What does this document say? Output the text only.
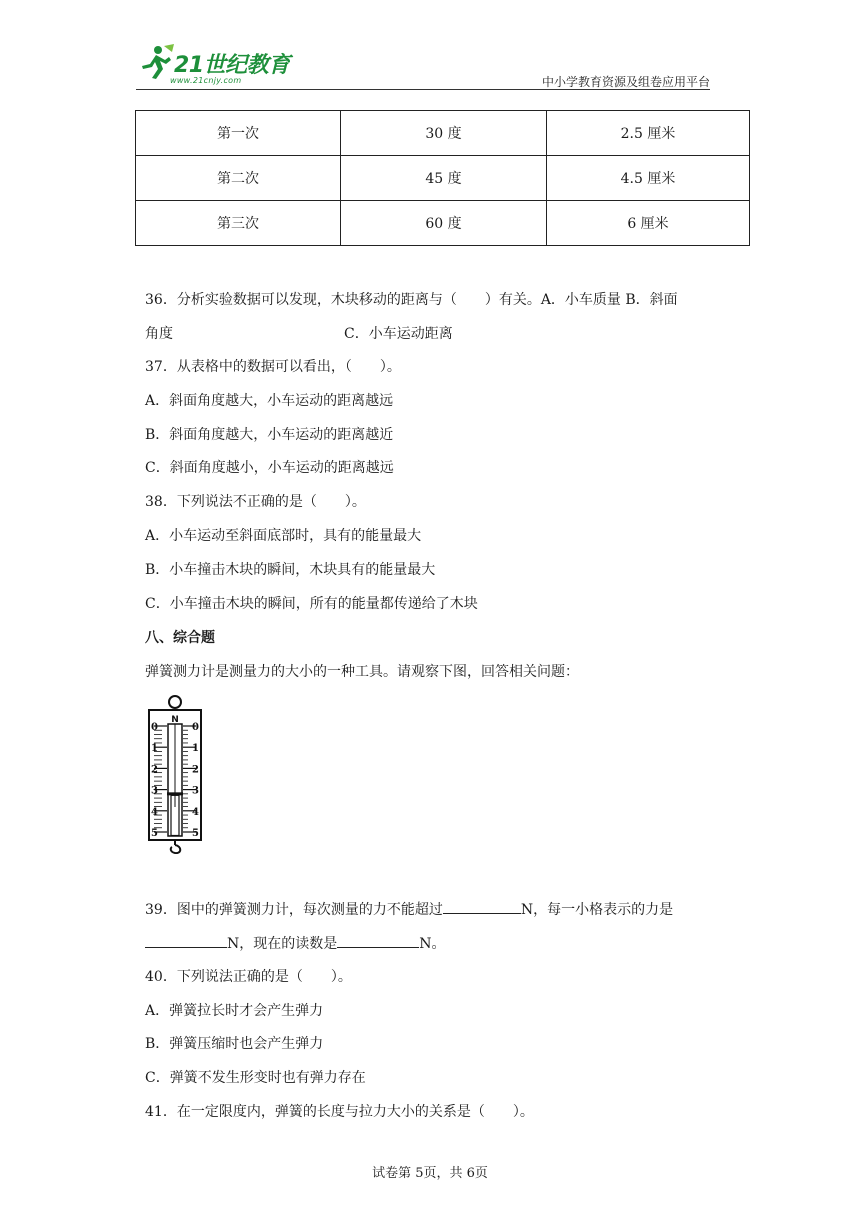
21世纪教育
www.21cnjy.com	中小学教育资源及组卷应用平台
第一次	30 度	2.5 厘米
第二次	45 度	4.5 厘米
第三次	60 度	6 厘米
36．分析实验数据可以发现，木块移动的距离与（　　）有关。A．小车质量 B．斜面
角度	C．小车运动距离
37．从表格中的数据可以看出，（　　）。
A．斜面角度越大，小车运动的距离越远
B．斜面角度越大，小车运动的距离越近
C．斜面角度越小，小车运动的距离越远
38．下列说法不正确的是（　　）。
A．小车运动至斜面底部时，具有的能量最大
B．小车撞击木块的瞬间，木块具有的能量最大
C．小车撞击木块的瞬间，所有的能量都传递给了木块
八、综合题
弹簧测力计是测量力的大小的一种工具。请观察下图，回答相关问题：
N
0	0
1	1
2	2
3	3
4	4
5	5
39．图中的弹簧测力计，每次测量的力不能超过	N，每一小格表示的力是
N，现在的读数是	N。
40．下列说法正确的是（　　）。
A．弹簧拉长时才会产生弹力
B．弹簧压缩时也会产生弹力
C．弹簧不发生形变时也有弹力存在
41．在一定限度内，弹簧的长度与拉力大小的关系是（　　）。
试卷第 5页，共 6页
